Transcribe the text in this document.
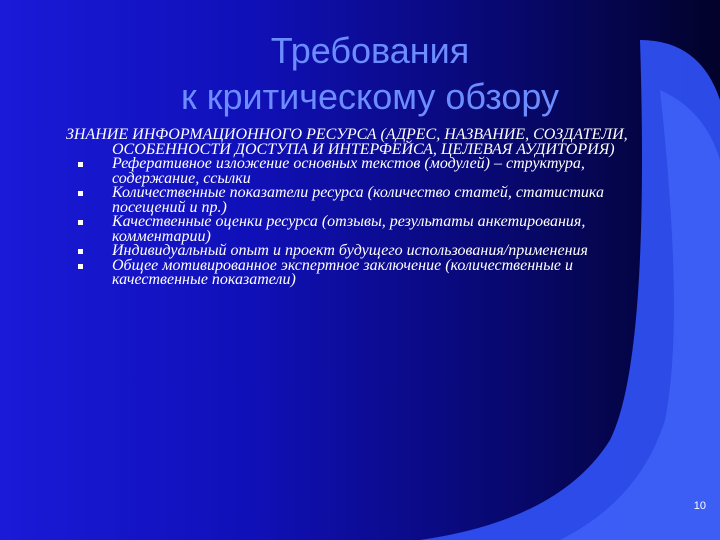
Требования
к критическому обзору
ЗНАНИЕ ИНФОРМАЦИОННОГО РЕСУРСА (АДРЕС, НАЗВАНИЕ, СОЗДАТЕЛИ, ОСОБЕННОСТИ ДОСТУПА И ИНТЕРФЕЙСА, ЦЕЛЕВАЯ АУДИТОРИЯ)
Реферативное изложение основных текстов (модулей) – структура, содержание, ссылки
Количественные показатели ресурса (количество статей, статистика посещений и пр.)
Качественные оценки ресурса (отзывы, результаты анкетирования, комментарии)
Индивидуальный опыт и проект будущего использования/применения
Общее мотивированное экспертное заключение (количественные и качественные показатели)
10
